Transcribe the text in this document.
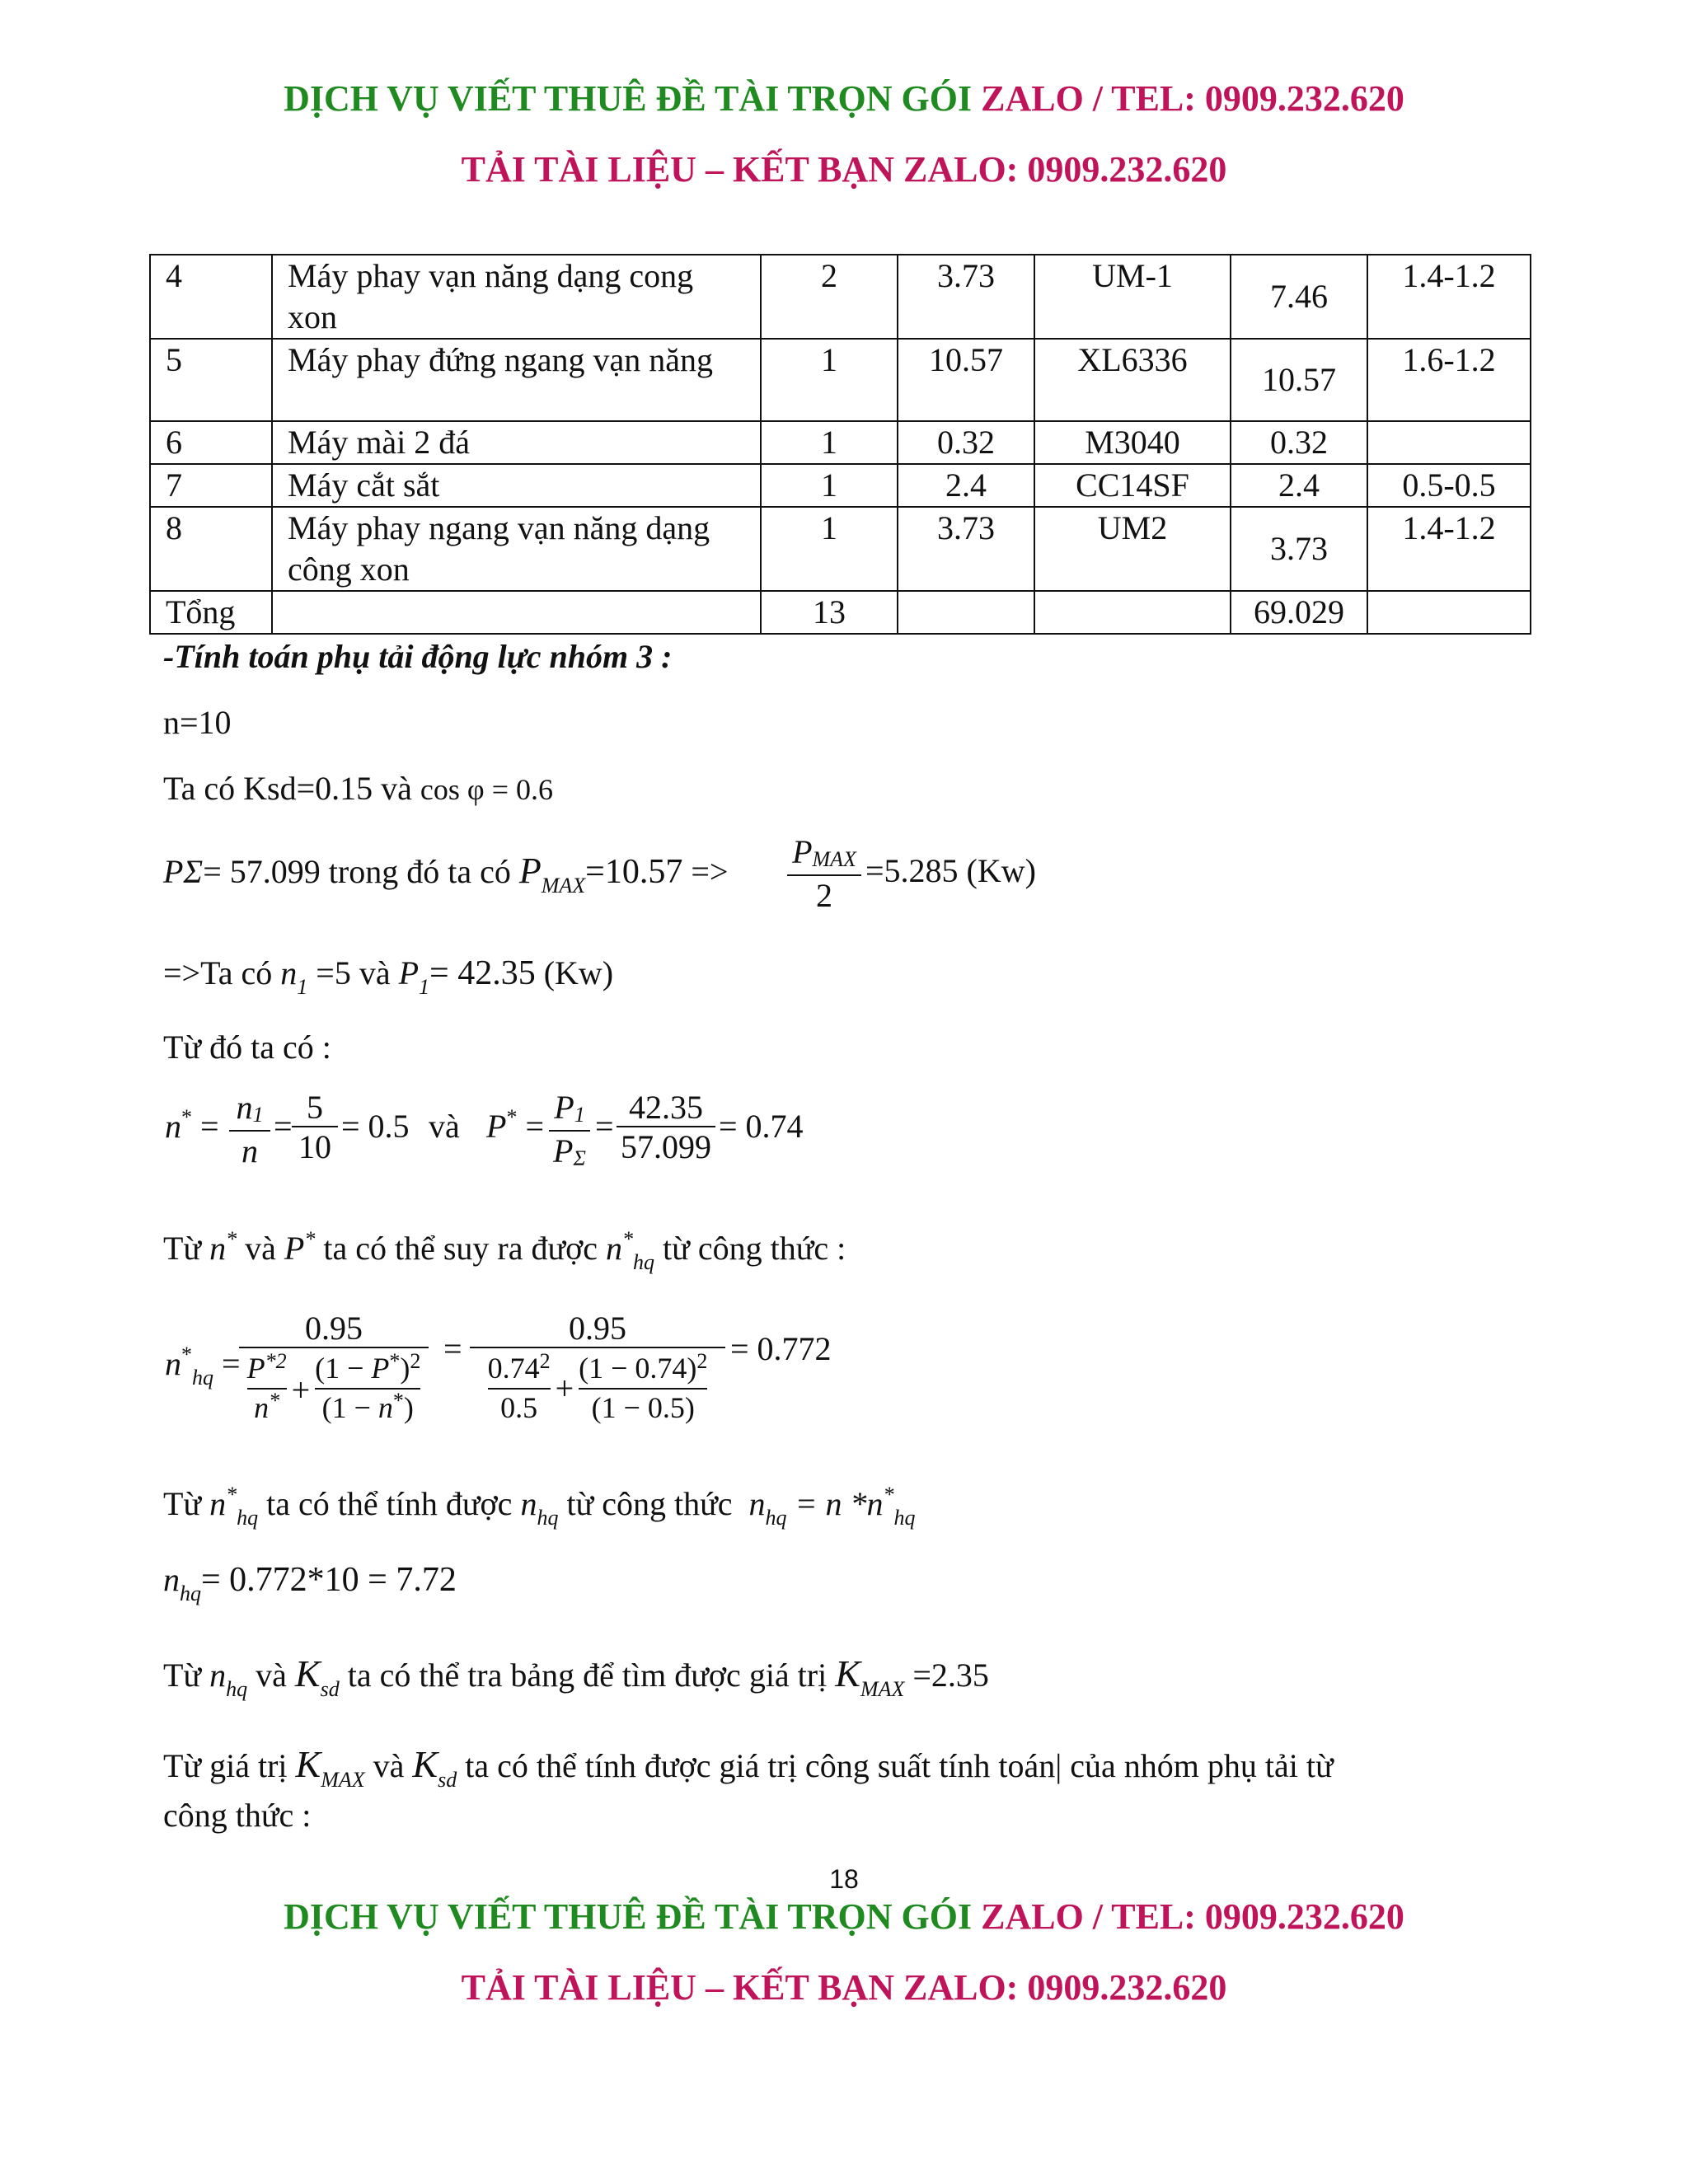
DỊCH VỤ VIẾT THUÊ ĐỀ TÀI TRỌN GÓI ZALO / TEL: 0909.232.620
TẢI TÀI LIỆU – KẾT BẠN ZALO: 0909.232.620
4	Máy phay vạn năng dạng cong xon	2	3.73	UM-1	7.46	1.4-1.2
5	Máy phay đứng ngang vạn năng	1	10.57	XL6336	10.57	1.6-1.2
6	Máy mài 2 đá	1	0.32	M3040	0.32	
7	Máy cắt sắt	1	2.4	CC14SF	2.4	0.5-0.5
8	Máy phay ngang vạn năng dạng công xon	1	3.73	UM2	3.73	1.4-1.2
Tổng		13			69.029	
-Tính toán phụ tải động lực nhóm 3 :
n=10
Ta có Ksd=0.15 và cos φ = 0.6
PΣ= 57.099 trong đó ta có $P_{MAX}=10.57$ =>
PMAX
2
=5.285 (Kw)
=>Ta có $n_1 =5$ và $P_1= 42.35$ (Kw)
Từ đó ta có :
n* =
n1
n
=
5
10
= 0.5 và P* =
P1
PΣ
=
42.35
57.099
= 0.74
Từ n* và P* ta có thể suy ra được $n^*_{hq}$ từ công thức :
$n^*_{hq}$ =
0.95
$P^{*2}$
$n^* + \frac{(1 - P^*)^2}{(1 - n^*)}$
=
0.95
0.74$^2$
0.5
+ $\frac{(1 - 0.74)^2}{(1 - 0.5)}$
= 0.772
Từ $n^*_{hq}$ ta có thể tính được $n_{hq}$ từ công thức  $n_{hq} = n$ $*n^*_{hq}$
$n_{hq}= 0.772*10 = 7.72$
Từ $n_{hq}$ và $K_{sd}$ ta có thể tra bảng để tìm được giá trị $K_{MAX} =2.35$
Từ giá trị $K_{MAX}$ và $K_{sd}$ ta có thể tính được giá trị công suất tính toán| của nhóm phụ tải từ
công thức :
18
DỊCH VỤ VIẾT THUÊ ĐỀ TÀI TRỌN GÓI ZALO / TEL: 0909.232.620
TẢI TÀI LIỆU – KẾT BẠN ZALO: 0909.232.620
